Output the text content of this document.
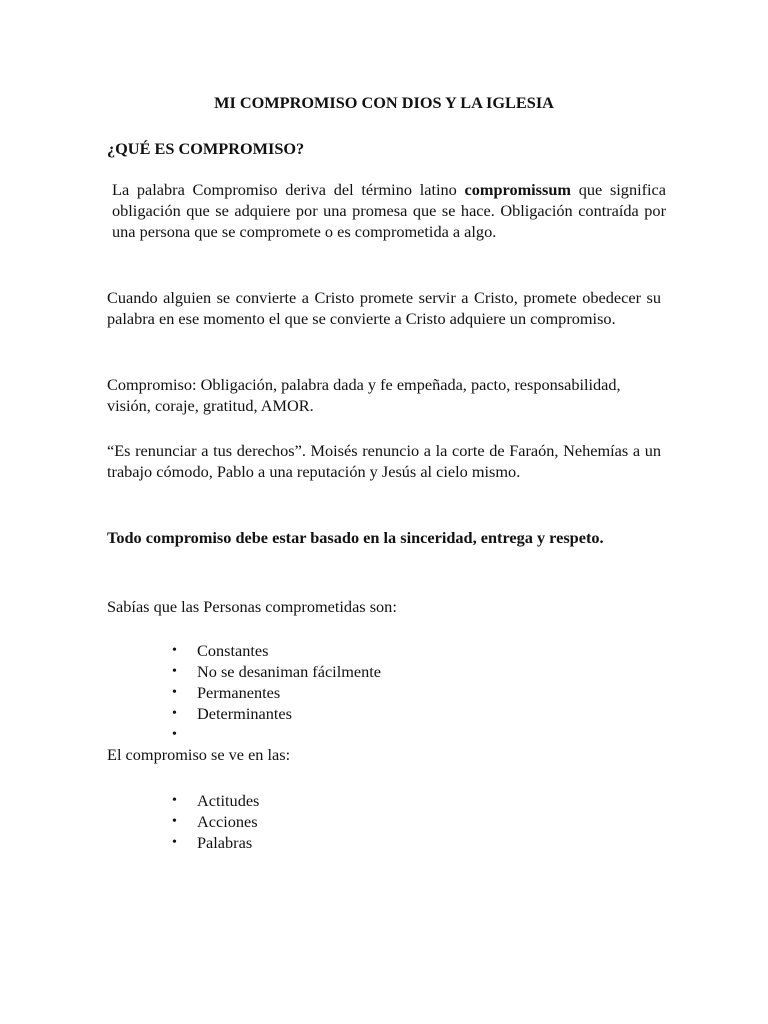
MI COMPROMISO CON DIOS Y LA IGLESIA
¿QUÉ ES COMPROMISO?

La palabra Compromiso deriva del término latino compromissum que significa obligación que se adquiere por una promesa que se hace. Obligación contraída por una persona que se compromete o es comprometida a algo.

Cuando alguien se convierte a Cristo promete servir a Cristo, promete obedecer su palabra en ese momento el que se convierte a Cristo adquiere un compromiso.

Compromiso: Obligación, palabra dada y fe empeñada, pacto, responsabilidad, visión, coraje, gratitud, AMOR.

“Es renunciar a tus derechos”. Moisés renuncio a la corte de Faraón, Nehemías a un trabajo cómodo, Pablo a una reputación y Jesús al cielo mismo.

Todo compromiso debe estar basado en la sinceridad, entrega y respeto.

Sabías que las Personas comprometidas son:

• Constantes
• No se desaniman fácilmente
• Permanentes
• Determinantes
•

El compromiso se ve en las:

• Actitudes
• Acciones
• Palabras
